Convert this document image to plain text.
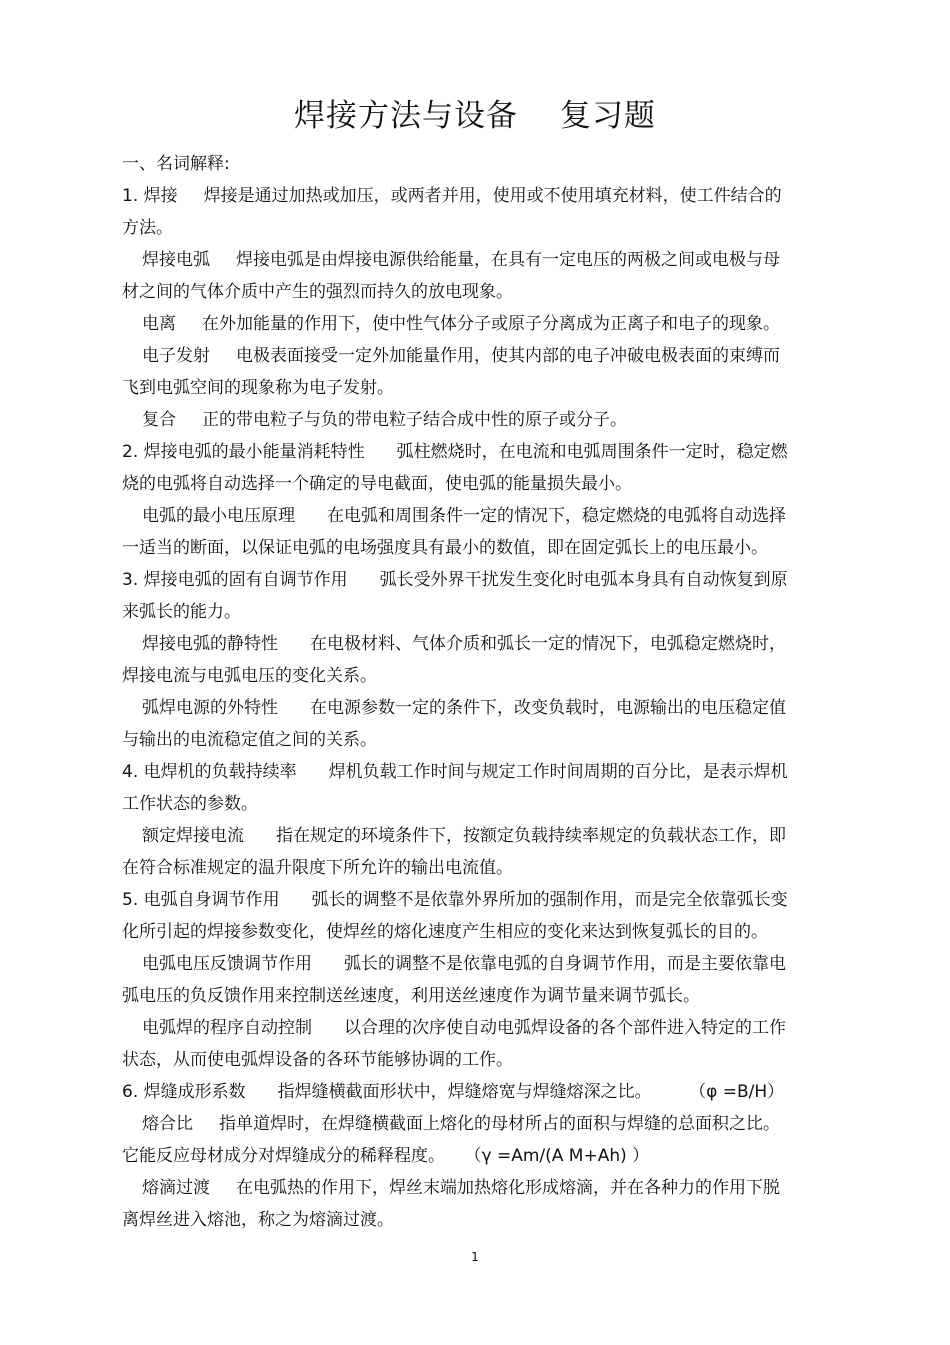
焊接方法与设备 复习题
一、名词解释:
1. 焊接 焊接是通过加热或加压，或两者并用，使用或不使用填充材料，使工件结合的
方法。
焊接电弧 焊接电弧是由焊接电源供给能量，在具有一定电压的两极之间或电极与母
材之间的气体介质中产生的强烈而持久的放电现象。
电离 在外加能量的作用下，使中性气体分子或原子分离成为正离子和电子的现象。
电子发射 电极表面接受一定外加能量作用，使其内部的电子冲破电极表面的束缚而
飞到电弧空间的现象称为电子发射。
复合 正的带电粒子与负的带电粒子结合成中性的原子或分子。
2. 焊接电弧的最小能量消耗特性 弧柱燃烧时，在电流和电弧周围条件一定时，稳定燃
烧的电弧将自动选择一个确定的导电截面，使电弧的能量损失最小。
电弧的最小电压原理 在电弧和周围条件一定的情况下，稳定燃烧的电弧将自动选择
一适当的断面，以保证电弧的电场强度具有最小的数值，即在固定弧长上的电压最小。
3. 焊接电弧的固有自调节作用 弧长受外界干扰发生变化时电弧本身具有自动恢复到原
来弧长的能力。
焊接电弧的静特性 在电极材料、气体介质和弧长一定的情况下，电弧稳定燃烧时，
焊接电流与电弧电压的变化关系。
弧焊电源的外特性 在电源参数一定的条件下，改变负载时，电源输出的电压稳定值
与输出的电流稳定值之间的关系。
4. 电焊机的负载持续率 焊机负载工作时间与规定工作时间周期的百分比，是表示焊机
工作状态的参数。
额定焊接电流 指在规定的环境条件下，按额定负载持续率规定的负载状态工作，即
在符合标准规定的温升限度下所允许的输出电流值。
5. 电弧自身调节作用 弧长的调整不是依靠外界所加的强制作用，而是完全依靠弧长变
化所引起的焊接参数变化，使焊丝的熔化速度产生相应的变化来达到恢复弧长的目的。
电弧电压反馈调节作用 弧长的调整不是依靠电弧的自身调节作用，而是主要依靠电
弧电压的负反馈作用来控制送丝速度，利用送丝速度作为调节量来调节弧长。
电弧焊的程序自动控制 以合理的次序使自动电弧焊设备的各个部件进入特定的工作
状态，从而使电弧焊设备的各环节能够协调的工作。
6. 焊缝成形系数 指焊缝横截面形状中，焊缝熔宽与焊缝熔深之比。	（φ =B/H）
熔合比 指单道焊时，在焊缝横截面上熔化的母材所占的面积与焊缝的总面积之比。
它能反应母材成分对焊缝成分的稀释程度。 （γ =Am/(A M+Ah) ）
熔滴过渡 在电弧热的作用下，焊丝末端加热熔化形成熔滴，并在各种力的作用下脱
离焊丝进入熔池，称之为熔滴过渡。
1
